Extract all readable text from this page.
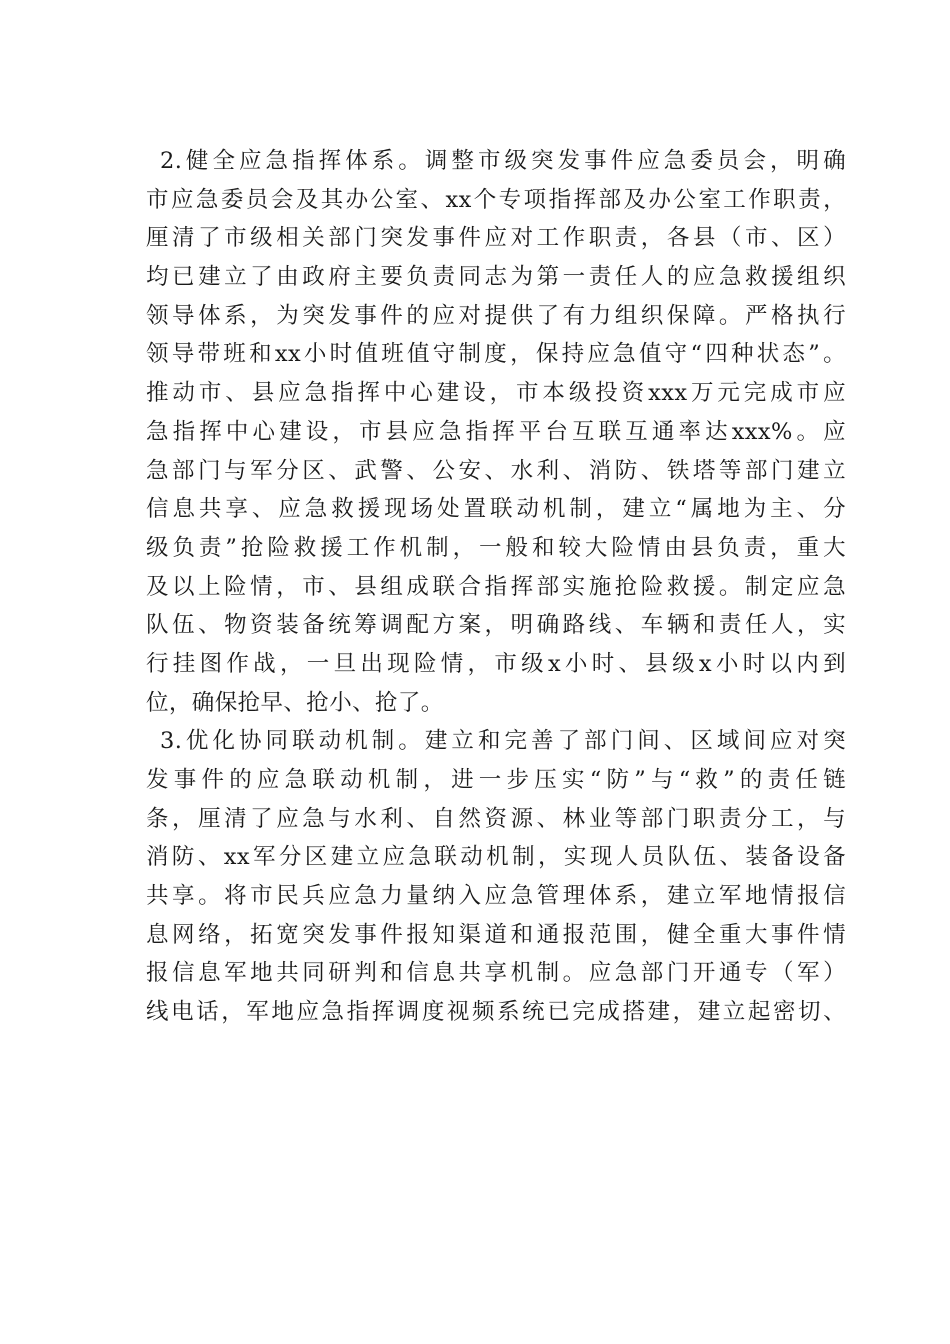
2.健全应急指挥体系。调整市级突发事件应急委员会，明确
市应急委员会及其办公室、xx个专项指挥部及办公室工作职责，
厘清了市级相关部门突发事件应对工作职责，各县（市、区）
均已建立了由政府主要负责同志为第一责任人的应急救援组织
领导体系，为突发事件的应对提供了有力组织保障。严格执行
领导带班和xx小时值班值守制度，保持应急值守“四种状态”。
推动市、县应急指挥中心建设，市本级投资xxx万元完成市应
急指挥中心建设，市县应急指挥平台互联互通率达xxx%。应
急部门与军分区、武警、公安、水利、消防、铁塔等部门建立
信息共享、应急救援现场处置联动机制，建立“属地为主、分
级负责”抢险救援工作机制，一般和较大险情由县负责，重大
及以上险情，市、县组成联合指挥部实施抢险救援。制定应急
队伍、物资装备统筹调配方案，明确路线、车辆和责任人，实
行挂图作战，一旦出现险情，市级x小时、县级x小时以内到
位，确保抢早、抢小、抢了。
3.优化协同联动机制。建立和完善了部门间、区域间应对突
发事件的应急联动机制，进一步压实“防”与“救”的责任链
条，厘清了应急与水利、自然资源、林业等部门职责分工，与
消防、xx军分区建立应急联动机制，实现人员队伍、装备设备
共享。将市民兵应急力量纳入应急管理体系，建立军地情报信
息网络，拓宽突发事件报知渠道和通报范围，健全重大事件情
报信息军地共同研判和信息共享机制。应急部门开通专（军）
线电话，军地应急指挥调度视频系统已完成搭建，建立起密切、
